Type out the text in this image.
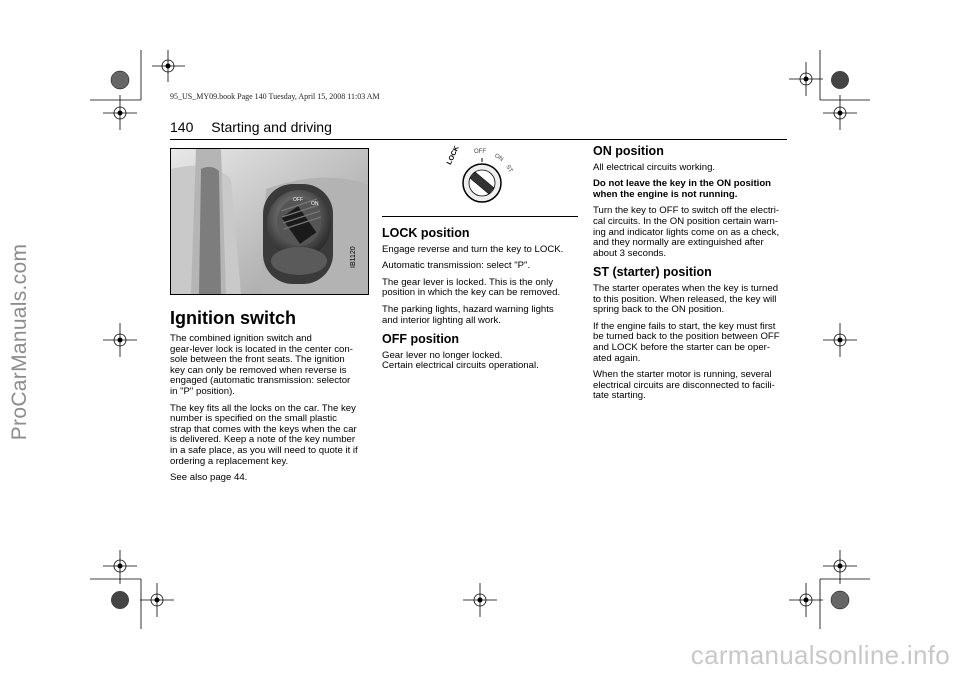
ProCarManuals.com
carmanualsonline.info
95_US_MY09.book Page 140 Tuesday, April 15, 2008 11:03 AM
140 Starting and driving
OFF
ON
IB1120
LOCK OFF
ON
ST
Ignition switch

The combined ignition switch and
gear-lever lock is located in the center con-
sole between the front seats. The ignition
key can only be removed when reverse is
engaged (automatic transmission: selector
in "P" position).

The key fits all the locks on the car. The key
number is specified on the small plastic
strap that comes with the keys when the car
is delivered. Keep a note of the key number
in a safe place, as you will need to quote it if
ordering a replacement key.

See also page 44.

LOCK position

Engage reverse and turn the key to LOCK.

Automatic transmission: select "P".

The gear lever is locked. This is the only
position in which the key can be removed.

The parking lights, hazard warning lights
and interior lighting all work.

OFF position

Gear lever no longer locked.
Certain electrical circuits operational.

ON position

All electrical circuits working.

Do not leave the key in the ON position
when the engine is not running.

Turn the key to OFF to switch off the electri-
cal circuits. In the ON position certain warn-
ing and indicator lights come on as a check,
and they normally are extinguished after
about 3 seconds.

ST (starter) position

The starter operates when the key is turned
to this position. When released, the key will
spring back to the ON position.

If the engine fails to start, the key must first
be turned back to the position between OFF
and LOCK before the starter can be oper-
ated again.

When the starter motor is running, several
electrical circuits are disconnected to facili-
tate starting.
